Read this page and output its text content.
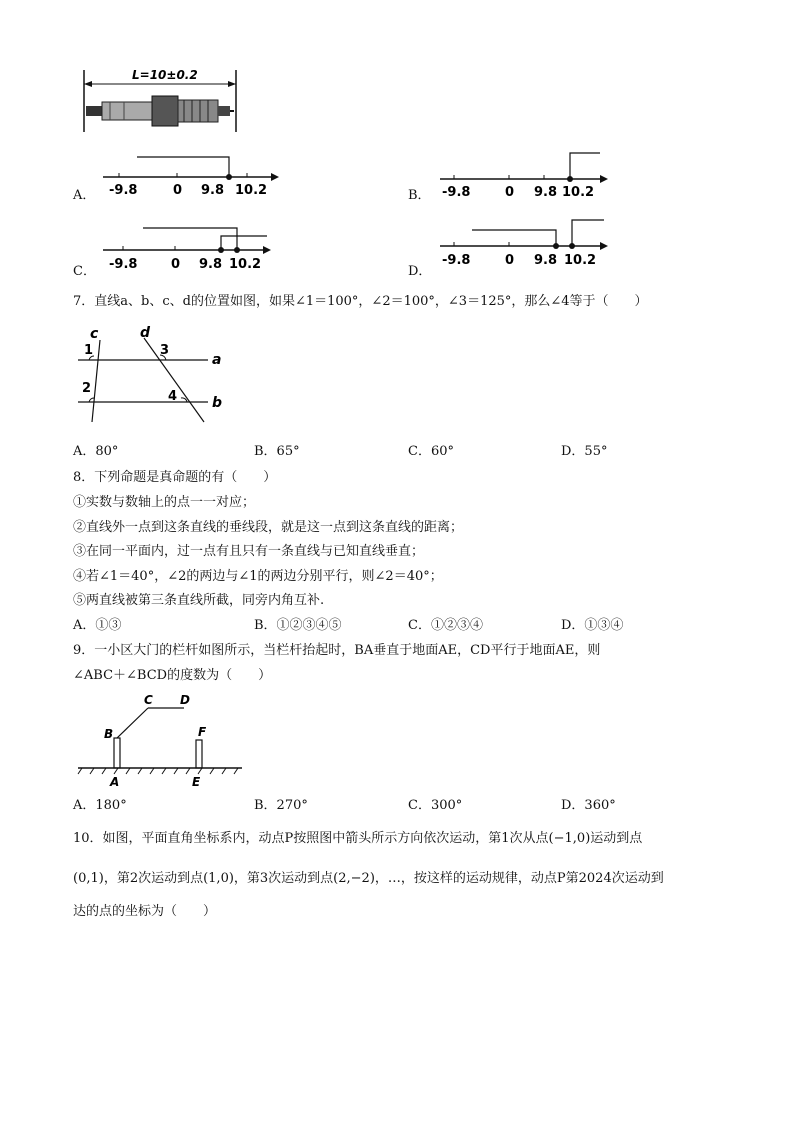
L=10±0.2
A． -9.8	0 9.8 10.2	B． -9.8	0 9.8 10.2
C． -9.8	0 9.8 10.2	D．
-9.8	0 9.8 10.2
7．直线a、b、c、d的位置如图，如果∠1＝100°，∠2＝100°，∠3＝125°，那么∠4等于（　　）
c	d
a
b
1
2
3
4
A．80°	B．65°	C．60°	D．55°
8．下列命题是真命题的有（　　）
①实数与数轴上的点一一对应；
②直线外一点到这条直线的垂线段，就是这一点到这条直线的距离；
③在同一平面内，过一点有且只有一条直线与已知直线垂直；
④若∠1＝40°，∠2的两边与∠1的两边分别平行，则∠2＝40°；
⑤两直线被第三条直线所截，同旁内角互补.
A．①③	B．①②③④⑤	C．①②③④	D．①③④
9．一小区大门的栏杆如图所示，当栏杆抬起时，BA垂直于地面AE，CD平行于地面AE，则
∠ABC＋∠BCD的度数为（　　）
C D
B	F
A	E
A．180°	B．270°	C．300°	D．360°
10．如图，平面直角坐标系内，动点P按照图中箭头所示方向依次运动，第1次从点(−1,0)运动到点
(0,1)，第2次运动到点(1,0)，第3次运动到点(2,−2)，…，按这样的运动规律，动点P第2024次运动到
达的点的坐标为（　　）
